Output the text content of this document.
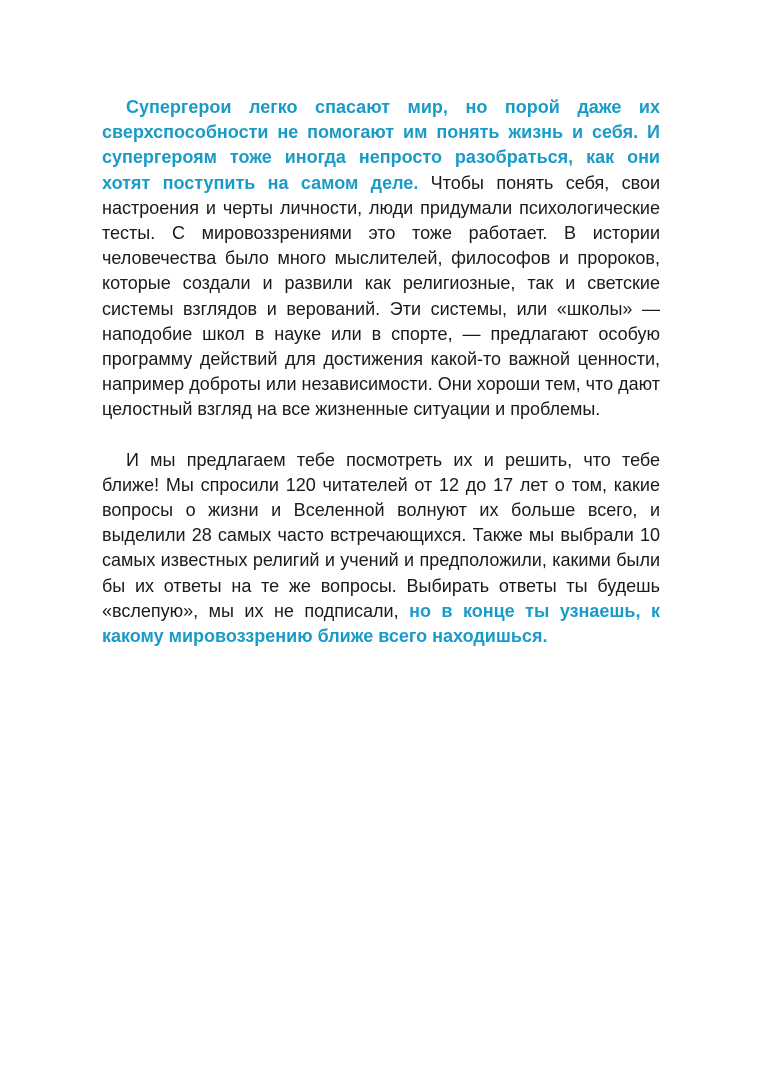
Супергерои легко спасают мир, но порой даже их сверхспособности не помогают им понять жизнь и себя. И супергероям тоже иногда непросто разобраться, как они хотят поступить на самом деле. Чтобы понять себя, свои настроения и черты личности, люди придумали психологические тесты. С мировоззрениями это тоже работает. В истории человечества было много мыслителей, философов и пророков, которые создали и развили как религиозные, так и светские системы взглядов и верований. Эти системы, или «школы» — наподобие школ в науке или в спорте, — предлагают особую программу действий для достижения какой-то важной ценности, например доброты или независимости. Они хороши тем, что дают целостный взгляд на все жизненные ситуации и проблемы.

И мы предлагаем тебе посмотреть их и решить, что тебе ближе! Мы спросили 120 читателей от 12 до 17 лет о том, какие вопросы о жизни и Вселенной волнуют их больше всего, и выделили 28 самых часто встречающихся. Также мы выбрали 10 самых известных религий и учений и предположили, какими были бы их ответы на те же вопросы. Выбирать ответы ты будешь «вслепую», мы их не подписали, но в конце ты узнаешь, к какому мировоззрению ближе всего находишься.
